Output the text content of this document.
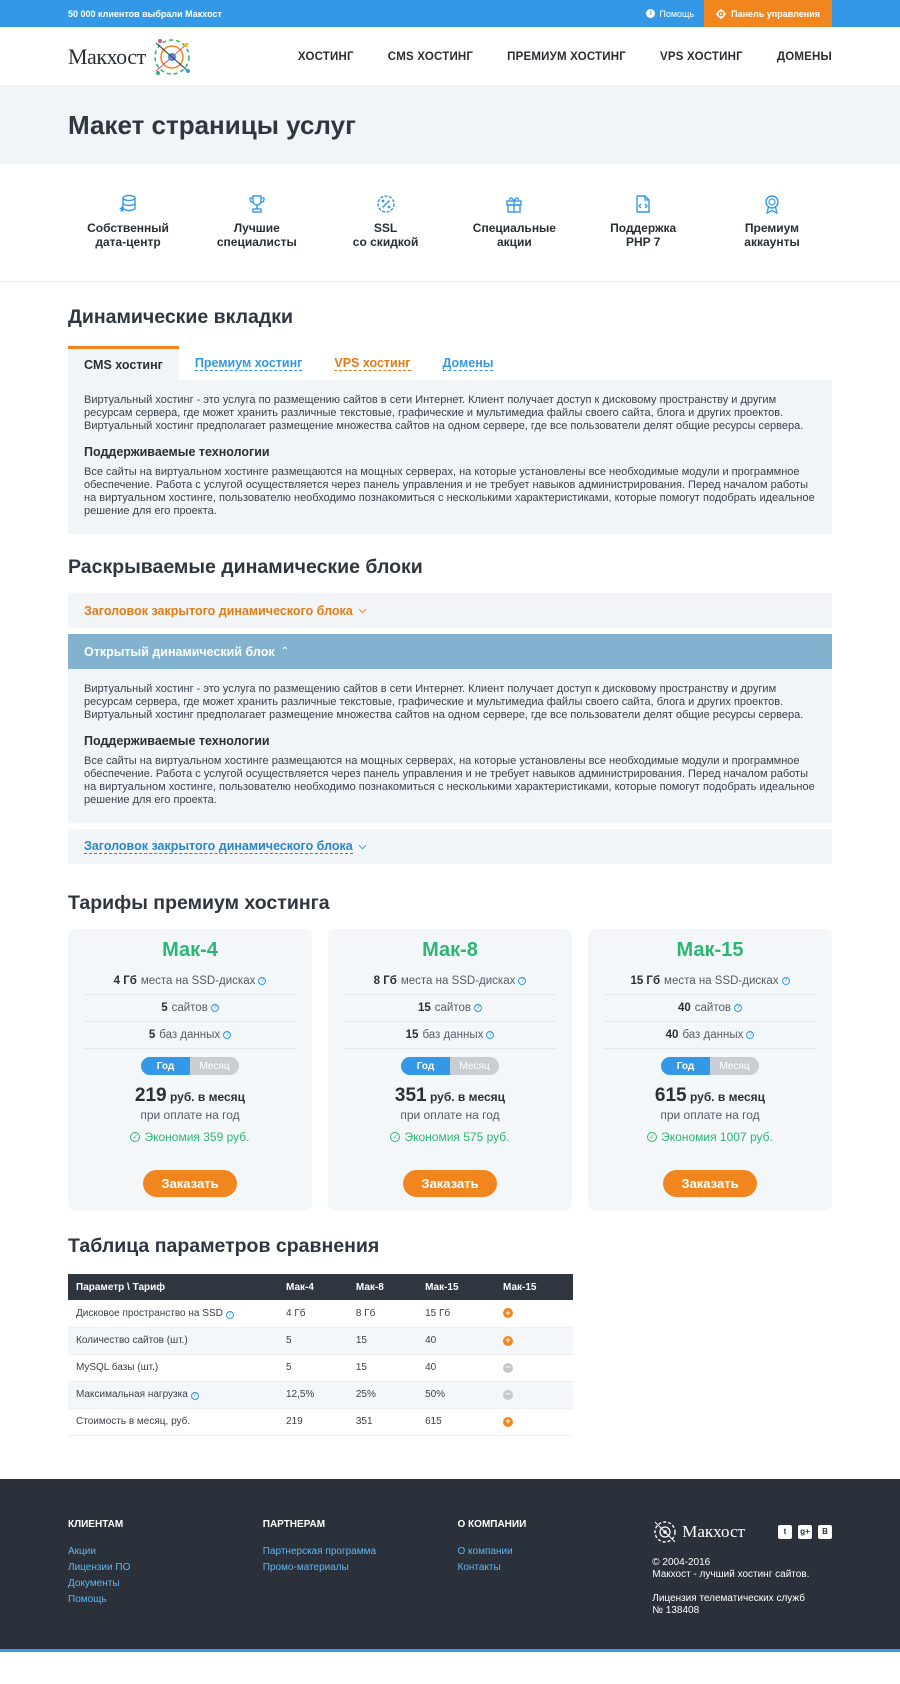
50 000 клиентов выбрали Макхост	i Помощь	Панель управления
Макхост	ХОСТИНГ	CMS ХОСТИНГ	ПРЕМИУМ ХОСТИНГ	VPS ХОСТИНГ	ДОМЕНЫ
Макет страницы услуг
Собственный
дата-центр
Лучшие
специалисты
SSL
со скидкой
Специальные
акции
Поддержка
PHP 7
Премиум
аккаунты
Динамические вкладки
CMS хостинг	Премиум хостинг	VPS хостинг	Домены

Виртуальный хостинг - это услуга по размещению сайтов в сети Интернет. Клиент получает доступ к дисковому пространству и другим ресурсам сервера, где может хранить различные текстовые, графические и мультимедиа файлы своего сайта, блога и других проектов. Виртуальный хостинг предполагает размещение множества сайтов на одном сервере, где все пользователи делят общие ресурсы сервера.

Поддерживаемые технологии

Все сайты на виртуальном хостинге размещаются на мощных серверах, на которые установлены все необходимые модули и программное обеспечение. Работа с услугой осуществляется через панель управления и не требует навыков администрирования. Перед началом работы на виртуальном хостинге, пользователю необходимо познакомиться с несколькими характеристиками, которые помогут подобрать идеальное решение для его проекта.

Раскрываемые динамические блоки
Заголовок закрытого динамического блока ⌵
Открытый динамический блок ⌃

Виртуальный хостинг - это услуга по размещению сайтов в сети Интернет. Клиент получает доступ к дисковому пространству и другим ресурсам сервера, где может хранить различные текстовые, графические и мультимедиа файлы своего сайта, блога и других проектов. Виртуальный хостинг предполагает размещение множества сайтов на одном сервере, где все пользователи делят общие ресурсы сервера.

Поддерживаемые технологии

Все сайты на виртуальном хостинге размещаются на мощных серверах, на которые установлены все необходимые модули и программное обеспечение. Работа с услугой осуществляется через панель управления и не требует навыков администрирования. Перед началом работы на виртуальном хостинге, пользователю необходимо познакомиться с несколькими характеристиками, которые помогут подобрать идеальное решение для его проекта.

Заголовок закрытого динамического блока ⌵
Тарифы премиум хостинга
Мак-4
4 Гб места на SSD-дисках ?
5 сайтов ?
5 баз данных ?
Год	Месяц
219 руб. в месяц
при оплате на год
✓ Экономия 359 руб.
Заказать
Мак-8
8 Гб места на SSD-дисках ?
15 сайтов ?
15 баз данных ?
Год	Месяц
351 руб. в месяц
при оплате на год
✓ Экономия 575 руб.
Заказать
Мак-15
15 Гб места на SSD-дисках ?
40 сайтов ?
40 баз данных ?
Год	Месяц
615 руб. в месяц
при оплате на год
✓ Экономия 1007 руб.
Заказать
Таблица параметров сравнения
Параметр \ Тариф	Мак-4	Мак-8	Мак-15	Мак-15
Дисковое пространство на SSD ?	4 Гб	8 Гб	15 Гб	+
Количество сайтов (шт.)	5	15	40	+
MySQL базы (шт.)	5	15	40	−
Максимальная нагрузка ?	12,5%	25%	50%	−
Стоимость в месяц, руб.	219	351	615	+
КЛИЕНТАМ
Акции
Лицензии ПО
Документы
Помощь
ПАРТНЕРАМ
Партнерская программа
Промо-материалы
О КОМПАНИИ
О компании
Контакты
Макхост	t	g+	B

© 2004-2016
Макхост - лучший хостинг сайтов.

Лицензия телематических служб
№ 138408
